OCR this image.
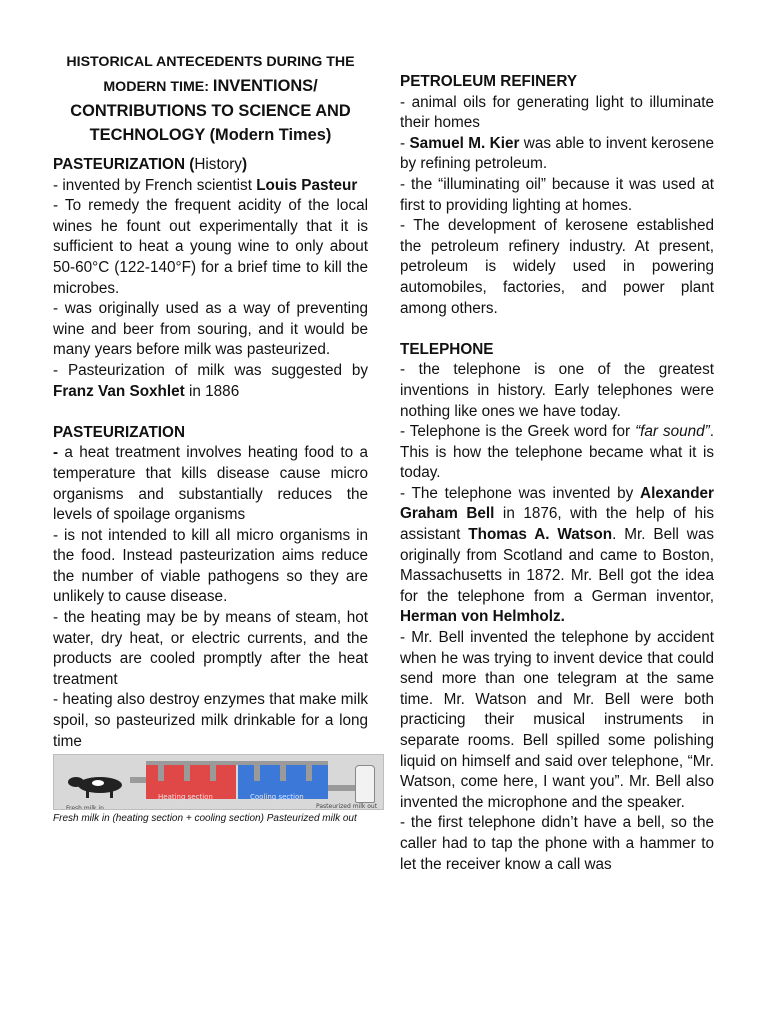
HISTORICAL ANTECEDENTS DURING THE MODERN TIME: INVENTIONS/ CONTRIBUTIONS TO SCIENCE AND TECHNOLOGY (Modern Times)

PASTEURIZATION (History)

- invented by French scientist Louis Pasteur

- To remedy the frequent acidity of the local wines he fount out experimentally that it is sufficient to heat a young wine to only about 50-60°C (122-140°F) for a brief time to kill the microbes.

- was originally used as a way of preventing wine and beer from souring, and it would be many years before milk was pasteurized.

- Pasteurization of milk was suggested by Franz Van Soxhlet in 1886

PASTEURIZATION

- a heat treatment involves heating food to a temperature that kills disease cause micro organisms and substantially reduces the levels of spoilage organisms

- is not intended to kill all micro organisms in the food. Instead pasteurization aims reduce the number of viable pathogens so they are unlikely to cause disease.

- the heating may be by means of steam, hot water, dry heat, or electric currents, and the products are cooled promptly after the heat treatment

- heating also destroy enzymes that make milk spoil, so pasteurized milk drinkable for a long time

Fresh milk in
Heating section	Cooling section
Pasteurized milk out
Fresh milk in (heating section + cooling section) Pasteurized milk out

PETROLEUM REFINERY

- animal oils for generating light to illuminate their homes

- Samuel M. Kier was able to invent kerosene by refining petroleum.

- the “illuminating oil” because it was used at first to providing lighting at homes.

- The development of kerosene established the petroleum refinery industry. At present, petroleum is widely used in powering automobiles, factories, and power plant among others.

TELEPHONE

- the telephone is one of the greatest inventions in history. Early telephones were nothing like ones we have today.

- Telephone is the Greek word for “far sound”. This is how the telephone became what it is today.

- The telephone was invented by Alexander Graham Bell in 1876, with the help of his assistant Thomas A. Watson. Mr. Bell was originally from Scotland and came to Boston, Massachusetts in 1872. Mr. Bell got the idea for the telephone from a German inventor, Herman von Helmholz.

- Mr. Bell invented the telephone by accident when he was trying to invent device that could send more than one telegram at the same time. Mr. Watson and Mr. Bell were both practicing their musical instruments in separate rooms. Bell spilled some polishing liquid on himself and said over telephone, “Mr. Watson, come here, I want you”. Mr. Bell also invented the microphone and the speaker.

- the first telephone didn’t have a bell, so the caller had to tap the phone with a hammer to let the receiver know a call was
